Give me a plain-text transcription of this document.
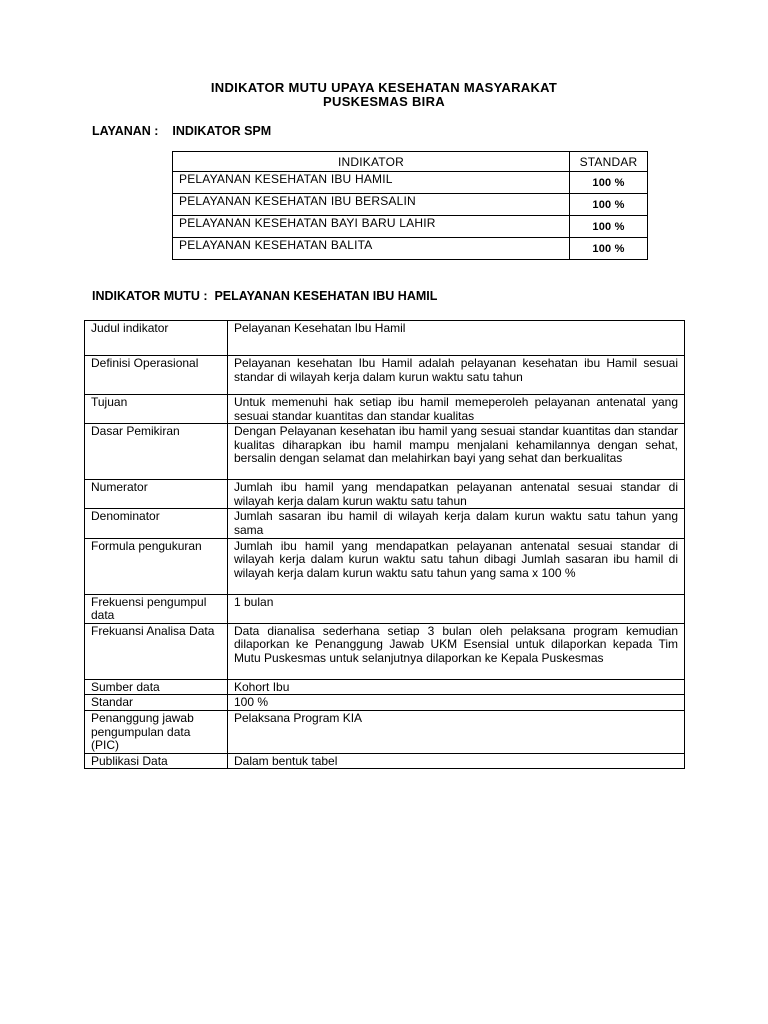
INDIKATOR MUTU UPAYA KESEHATAN MASYARAKAT
PUSKESMAS BIRA
LAYANAN :    INDIKATOR SPM
INDIKATOR	STANDAR
PELAYANAN KESEHATAN IBU HAMIL	100 %
PELAYANAN KESEHATAN IBU BERSALIN	100 %
PELAYANAN KESEHATAN BAYI BARU LAHIR	100 %
PELAYANAN KESEHATAN BALITA	100 %
INDIKATOR MUTU :  PELAYANAN KESEHATAN IBU HAMIL
Judul indikator	Pelayanan Kesehatan Ibu Hamil
Definisi Operasional	Pelayanan kesehatan Ibu Hamil adalah pelayanan kesehatan ibu Hamil sesuai standar di wilayah kerja dalam kurun waktu satu tahun
Tujuan	Untuk memenuhi hak setiap ibu hamil memeperoleh pelayanan antenatal yang sesuai standar kuantitas dan standar kualitas
Dasar Pemikiran	Dengan Pelayanan kesehatan ibu hamil yang sesuai standar kuantitas dan standar kualitas diharapkan ibu hamil mampu menjalani kehamilannya dengan sehat, bersalin dengan selamat dan melahirkan bayi yang sehat dan berkualitas
Numerator	Jumlah ibu hamil yang mendapatkan pelayanan antenatal sesuai standar di wilayah kerja dalam kurun waktu satu tahun
Denominator	Jumlah sasaran ibu hamil di wilayah kerja dalam kurun waktu satu tahun yang sama
Formula pengukuran	Jumlah ibu hamil yang mendapatkan pelayanan antenatal sesuai standar di wilayah kerja dalam kurun waktu satu tahun dibagi Jumlah sasaran ibu hamil di wilayah kerja dalam kurun waktu satu tahun yang sama x 100 %
Frekuensi pengumpul data	1 bulan
Frekuansi Analisa Data	Data dianalisa sederhana setiap 3 bulan oleh pelaksana program kemudian dilaporkan ke Penanggung Jawab UKM Esensial untuk dilaporkan kepada Tim Mutu Puskesmas untuk selanjutnya dilaporkan ke Kepala Puskesmas
Sumber data	Kohort Ibu
Standar	100 %
Penanggung jawab pengumpulan data (PIC)	Pelaksana Program KIA
Publikasi Data	Dalam bentuk tabel
